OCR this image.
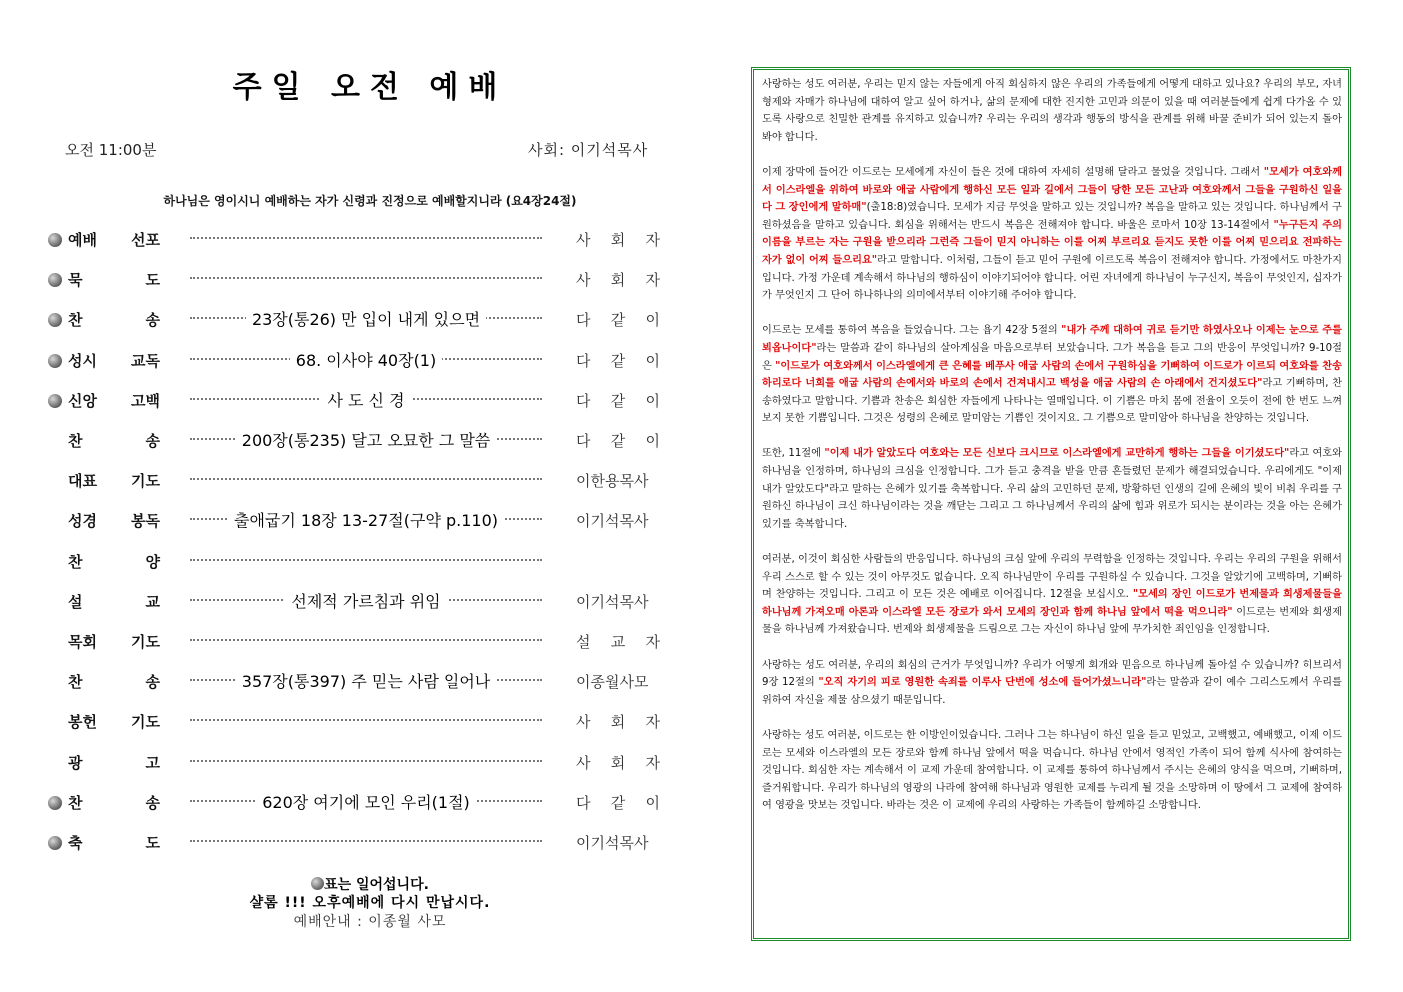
주일 오전 예배
오전 11:00분	사회: 이기석목사
하나님은 영이시니 예배하는 자가 신령과 진정으로 예배할지니라 (요4장24절)
예배 선포	사 회 자
묵	도	사 회 자
찬	송	23장(통26) 만 입이 내게 있으면	다 같 이
성시 교독	68. 이사야 40장(1)	다 같 이
신앙 고백	사 도 신 경	다 같 이
찬	송	200장(통235) 달고 오묘한 그 말씀	다 같 이
대표 기도	이한용목사
성경 봉독	출애굽기 18장 13-27절(구약 p.110)	이기석목사
찬	양
설	교	선제적 가르침과 위임	이기석목사
목회 기도	설 교 자
찬	송	357장(통397) 주 믿는 사람 일어나	이종월사모
봉헌 기도	사 회 자
광	고	사 회 자
찬	송	620장 여기에 모인 우리(1절)	다 같 이
축	도	이기석목사
표는 일어섭니다.
샬롬 !!! 오후예배에 다시 만납시다.
예배안내 : 이종월 사모

사랑하는 성도 여러분, 우리는 믿지 않는 자들에게 아직 회심하지 않은 우리의 가족들에게 어떻게 대하고 있나요? 우리의 부모, 자녀 형제와 자매가 하나님에 대하여 알고 싶어 하거나, 삶의 문제에 대한 진지한 고민과 의문이 있을 때 여러분들에게 쉽게 다가올 수 있도록 사랑으로 친밀한 관계를 유지하고 있습니까? 우리는 우리의 생각과 행동의 방식을 관계를 위해 바꿀 준비가 되어 있는지 돌아봐야 합니다.

이제 장막에 들어간 이드로는 모세에게 자신이 들은 것에 대하여 자세히 설명해 달라고 물었을 것입니다. 그래서 "모세가 여호와께서 이스라엘을 위하여 바로와 애굽 사람에게 행하신 모든 일과 길에서 그들이 당한 모든 고난과 여호와께서 그들을 구원하신 일을 다 그 장인에게 말하매"(출18:8)였습니다. 모세가 지금 무엇을 말하고 있는 것입니까? 복음을 말하고 있는 것입니다. 하나님께서 구원하셨음을 말하고 있습니다. 회심을 위해서는 반드시 복음은 전해져야 합니다. 바울은 로마서 10장 13-14절에서 "누구든지 주의 이름을 부르는 자는 구원을 받으리라 그런즉 그들이 믿지 아니하는 이를 어찌 부르리요 듣지도 못한 이를 어찌 믿으리요 전파하는 자가 없이 어찌 들으리요"라고 말합니다. 이처럼, 그들이 듣고 믿어 구원에 이르도록 복음이 전해져야 합니다. 가정에서도 마찬가지입니다. 가정 가운데 계속해서 하나님의 행하심이 이야기되어야 합니다. 어린 자녀에게 하나님이 누구신지, 복음이 무엇인지, 십자가가 무엇인지 그 단어 하나하나의 의미에서부터 이야기해 주어야 합니다.

이드로는 모세를 통하여 복음을 들었습니다. 그는 욥기 42장 5절의 "내가 주께 대하여 귀로 듣기만 하였사오나 이제는 눈으로 주를 뵈옵나이다"라는 말씀과 같이 하나님의 살아계심을 마음으로부터 보았습니다. 그가 복음을 듣고 그의 반응이 무엇입니까? 9-10절은 "이드로가 여호와께서 이스라엘에게 큰 은혜를 베푸사 애굽 사람의 손에서 구원하심을 기뻐하여 이드로가 이르되 여호와를 찬송하리로다 너희를 애굽 사람의 손에서와 바로의 손에서 건져내시고 백성을 애굽 사람의 손 아래에서 건지셨도다"라고 기뻐하며, 찬송하였다고 말합니다. 기쁨과 찬송은 회심한 자들에게 나타나는 열매입니다. 이 기쁨은 마치 몸에 전율이 오듯이 전에 한 번도 느껴보지 못한 기쁨입니다. 그것은 성령의 은혜로 말미암는 기쁨인 것이지요. 그 기쁨으로 말미암아 하나님을 찬양하는 것입니다.

또한, 11절에 "이제 내가 알았도다 여호와는 모든 신보다 크시므로 이스라엘에게 교만하게 행하는 그들을 이기셨도다"라고 여호와 하나님을 인정하며, 하나님의 크심을 인정합니다. 그가 듣고 충격을 받을 만큼 흔들렸던 문제가 해결되었습니다. 우리에게도 "이제 내가 알았도다"라고 말하는 은혜가 있기를 축복합니다. 우리 삶의 고민하던 문제, 방황하던 인생의 길에 은혜의 빛이 비춰 우리를 구원하신 하나님이 크신 하나님이라는 것을 깨닫는 그리고 그 하나님께서 우리의 삶에 힘과 위로가 되시는 분이라는 것을 아는 은혜가 있기를 축복합니다.

여러분, 이것이 회심한 사람들의 반응입니다. 하나님의 크심 앞에 우리의 무력함을 인정하는 것입니다. 우리는 우리의 구원을 위해서 우리 스스로 할 수 있는 것이 아무것도 없습니다. 오직 하나님만이 우리를 구원하실 수 있습니다. 그것을 알았기에 고백하며, 기뻐하며 찬양하는 것입니다. 그리고 이 모든 것은 예배로 이어집니다. 12절을 보십시오. "모세의 장인 이드로가 번제물과 희생제물들을 하나님께 가져오매 아론과 이스라엘 모든 장로가 와서 모세의 장인과 함께 하나님 앞에서 떡을 먹으니라" 이드로는 번제와 희생제물을 하나님께 가져왔습니다. 번제와 희생제물을 드림으로 그는 자신이 하나님 앞에 무가치한 죄인임을 인정합니다.

사랑하는 성도 여러분, 우리의 회심의 근거가 무엇입니까? 우리가 어떻게 회개와 믿음으로 하나님께 돌아설 수 있습니까? 히브리서 9장 12절의 "오직 자기의 피로 영원한 속죄를 이루사 단번에 성소에 들어가셨느니라"라는 말씀과 같이 예수 그리스도께서 우리를 위하여 자신을 제물 삼으셨기 때문입니다.

사랑하는 성도 여러분, 이드로는 한 이방인이었습니다. 그러나 그는 하나님이 하신 일을 듣고 믿었고, 고백했고, 예배했고, 이제 이드로는 모세와 이스라엘의 모든 장로와 함께 하나님 앞에서 떡을 먹습니다. 하나님 안에서 영적인 가족이 되어 함께 식사에 참여하는 것입니다. 회심한 자는 계속해서 이 교제 가운데 참여합니다. 이 교제를 통하여 하나님께서 주시는 은혜의 양식을 먹으며, 기뻐하며, 즐거워합니다. 우리가 하나님의 영광의 나라에 참여해 하나님과 영원한 교제를 누리게 될 것을 소망하며 이 땅에서 그 교제에 참여하여 영광을 맛보는 것입니다. 바라는 것은 이 교제에 우리의 사랑하는 가족들이 함께하길 소망합니다.
